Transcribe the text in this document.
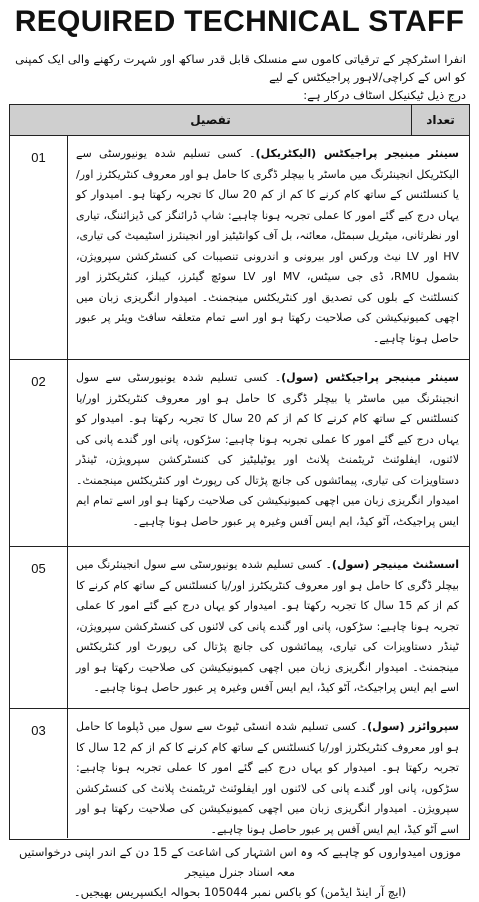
REQUIRED TECHNICAL STAFF

انفرا اسٹرکچر کے ترقیاتی کاموں سے منسلک قابل قدر ساکھ اور شہرت رکھنے والی ایک کمپنی کو اس کے کراچی/لاہور پراجیکٹس کے لیے

درج ذیل ٹیکنیکل اسٹاف درکار ہے:

تفصیل	تعداد
01	سینئر مینیجر پراجیکٹس (الیکٹریکل)۔ کسی تسلیم شدہ یونیورسٹی سے الیکٹریکل انجینئرنگ میں ماسٹر یا بیچلر ڈگری کا حامل ہو اور معروف کنٹریکٹرز اور/یا کنسلٹنس کے ساتھ کام کرنے کا کم از کم 20 سال کا تجربہ رکھتا ہو۔ امیدوار کو یہاں درج کیے گئے امور کا عملی تجربہ ہونا چاہیے: شاپ ڈرائنگز کی ڈیزائننگ، تیاری اور نظرثانی، میٹریل سبمٹل، معائنہ، بل آف کوانٹیٹیز اور انجینئرز اسٹیمیٹ کی تیاری، HV اور LV نیٹ ورکس اور بیرونی و اندرونی تنصیبات کی کنسٹرکشن سپرویژن، بشمول RMU، ڈی جی سیٹس، MV اور LV سوئچ گیئرز، کیبلز، کنٹریکٹرز اور کنسلٹنٹ کے بلوں کی تصدیق اور کنٹریکٹس مینجمنٹ۔ امیدوار انگریزی زبان میں اچھی کمیونیکیشن کی صلاحیت رکھتا ہو اور اسے تمام متعلقہ سافٹ ویئر پر عبور حاصل ہونا چاہیے۔
02	سینئر مینیجر پراجیکٹس (سول)۔ کسی تسلیم شدہ یونیورسٹی سے سول انجینئرنگ میں ماسٹر یا بیچلر ڈگری کا حامل ہو اور معروف کنٹریکٹرز اور/یا کنسلٹنس کے ساتھ کام کرنے کا کم از کم 20 سال کا تجربہ رکھتا ہو۔ امیدوار کو یہاں درج کیے گئے امور کا عملی تجربہ ہونا چاہیے: سڑکوں، پانی اور گندے پانی کی لائنوں، ایفلوئنٹ ٹریٹمنٹ پلانٹ اور یوٹیلیٹیز کی کنسٹرکشن سپرویژن، ٹینڈر دستاویزات کی تیاری، پیمائشوں کی جانچ پڑتال کی رپورٹ اور کنٹریکٹس مینجمنٹ۔ امیدوار انگریزی زبان میں اچھی کمیونیکیشن کی صلاحیت رکھتا ہو اور اسے تمام ایم ایس پراجیکٹ، آٹو کیڈ، ایم ایس آفس وغیرہ پر عبور حاصل ہونا چاہیے۔
05	اسسٹنٹ مینیجر (سول)۔ کسی تسلیم شدہ یونیورسٹی سے سول انجینئرنگ میں بیچلر ڈگری کا حامل ہو اور معروف کنٹریکٹرز اور/یا کنسلٹنس کے ساتھ کام کرنے کا کم از کم 15 سال کا تجربہ رکھتا ہو۔ امیدوار کو یہاں درج کیے گئے امور کا عملی تجربہ ہونا چاہیے: سڑکوں، پانی اور گندے پانی کی لائنوں کی کنسٹرکشن سپرویژن، ٹینڈر دستاویزات کی تیاری، پیمائشوں کی جانچ پڑتال کی رپورٹ اور کنٹریکٹس مینجمنٹ۔ امیدوار انگریزی زبان میں اچھی کمیونیکیشن کی صلاحیت رکھتا ہو اور اسے ایم ایس پراجیکٹ، آٹو کیڈ، ایم ایس آفس وغیرہ پر عبور حاصل ہونا چاہیے۔
03	سپروائزر (سول)۔ کسی تسلیم شدہ انسٹی ٹیوٹ سے سول میں ڈپلوما کا حامل ہو اور معروف کنٹریکٹرز اور/یا کنسلٹنس کے ساتھ کام کرنے کا کم از کم 12 سال کا تجربہ رکھتا ہو۔ امیدوار کو یہاں درج کیے گئے امور کا عملی تجربہ ہونا چاہیے: سڑکوں، پانی اور گندے پانی کی لائنوں اور ایفلوئنٹ ٹریٹمنٹ پلانٹ کی کنسٹرکشن سپرویژن۔ امیدوار انگریزی زبان میں اچھی کمیونیکیشن کی صلاحیت رکھتا ہو اور اسے آٹو کیڈ، ایم ایس آفس پر عبور حاصل ہونا چاہیے۔

موزوں امیدواروں کو چاہیے کہ وہ اس اشتہار کی اشاعت کے 15 دن کے اندر اپنی درخواستیں معہ اسناد جنرل مینیجر

(ایچ آر اینڈ ایڈمن) کو باکس نمبر 105044 بحوالہ ایکسپریس بھیجیں۔
